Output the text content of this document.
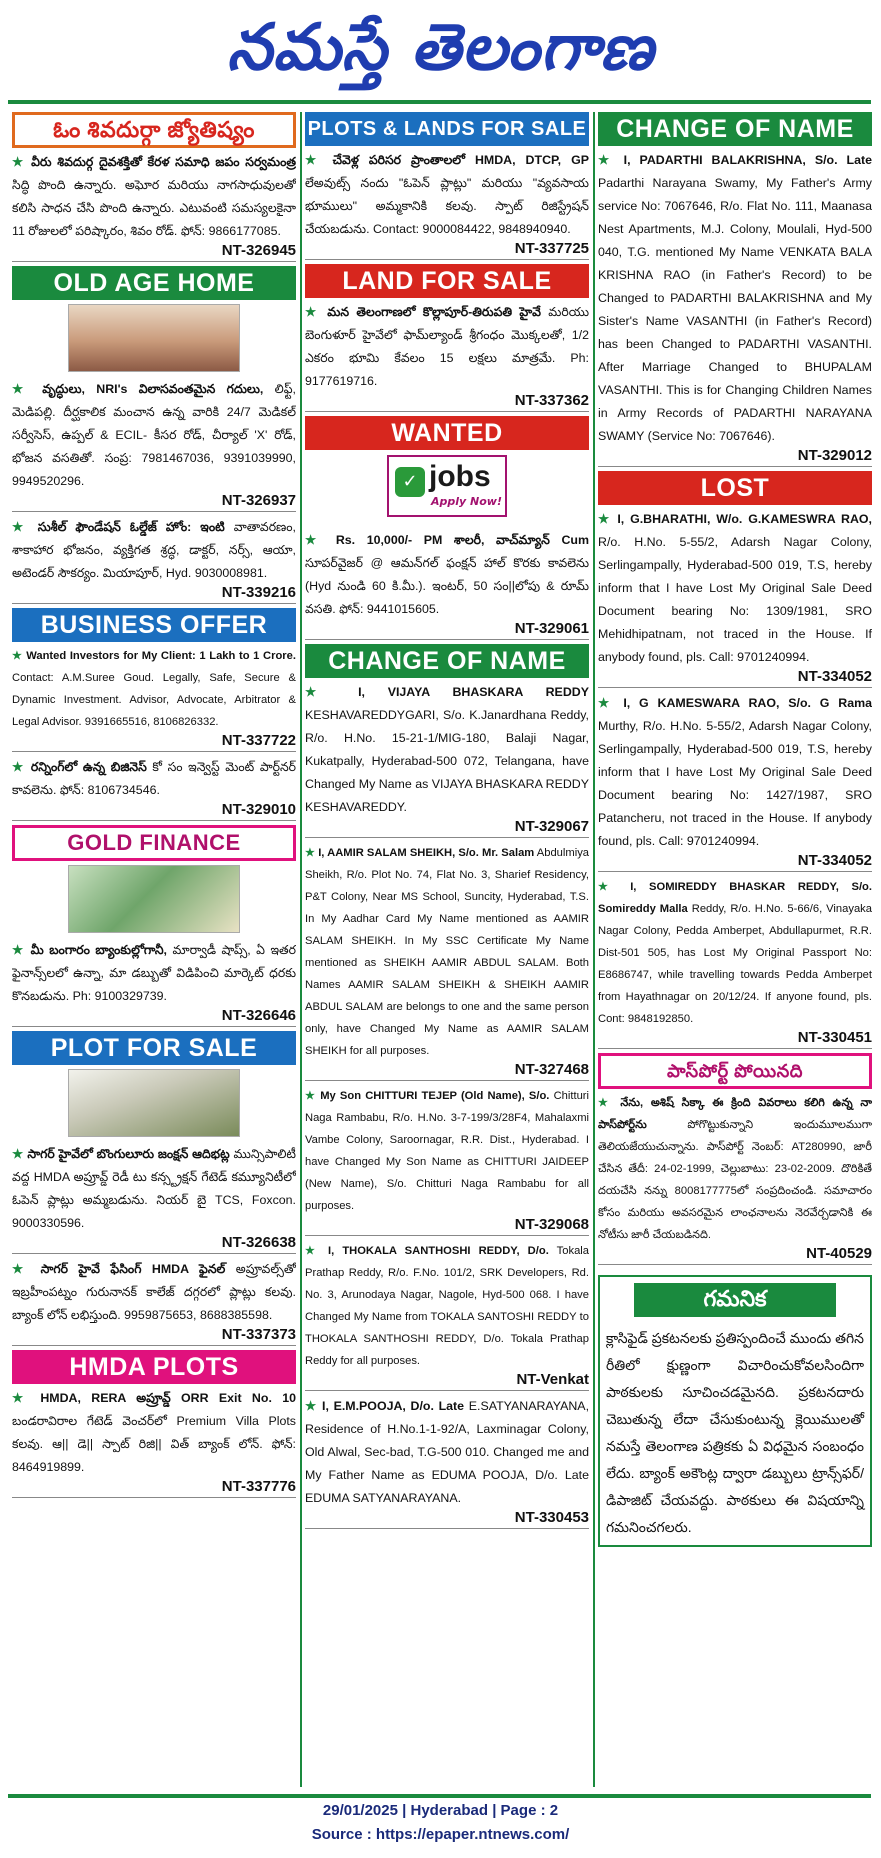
నమస్తే తెలంగాణ
ఓం శివదుర్గా జ్యోతిష్యం
★ వీరు శివదుర్గ దైవశక్తితో కేరళ సమాధి జపం సర్వమంత్ర సిద్ధి పొంది ఉన్నారు. అఘోర మరియు నాగసాధువులతో కలిసి సాధన చేసి పొంది ఉన్నారు. ఎటువంటి సమస్యలకైనా 11 రోజులలో పరిష్కారం, శివం రోడ్. ఫోన్: 9866177085.
NT-326945
OLD AGE HOME
★ వృద్ధులు, NRI's విలాసవంతమైన గదులు, లిఫ్ట్, మెడిపల్లి. దీర్ఘకాలిక మంచాన ఉన్న వారికి 24/7 మెడికల్ సర్వీసెస్, ఉప్పల్ & ECIL- కీసర రోడ్, చీర్యాల్ 'X' రోడ్, భోజన వసతితో. సంప్ర: 7981467036, 9391039990, 9949520296.
NT-326937
★ సుశీల్ ఫౌండేషన్ ఓల్డేజ్ హోం: ఇంటి వాతావరణం, శాకాహార భోజనం, వ్యక్తిగత శ్రద్ధ, డాక్టర్, నర్స్, ఆయా, అటెండర్ సౌకర్యం. మియాపూర్, Hyd. 9030008981.
NT-339216
BUSINESS OFFER
★ Wanted Investors for My Client: 1 Lakh to 1 Crore. Contact: A.M.Suree Goud. Legally, Safe, Secure & Dynamic Investment. Advisor, Advocate, Arbitrator & Legal Advisor. 9391665516, 8106826332.
NT-337722
★ రన్నింగ్‌లో ఉన్న బిజినెస్ కో సం ఇన్వెస్ట్ మెంట్ పార్ట్‌నర్ కావలెను. ఫోన్: 8106734546.
NT-329010
GOLD FINANCE
★ మీ బంగారం బ్యాంకుల్లోగానీ, మార్వాడీ షాప్స్, ఏ ఇతర ఫైనాన్స్‌లలో ఉన్నా, మా డబ్బుతో విడిపించి మార్కెట్ ధరకు కొనబడును. Ph: 9100329739.
NT-326646
PLOT FOR SALE
★ సాగర్ హైవేలో బొంగులూరు జంక్షన్ ఆదిభట్ల మున్సిపాలిటీ వద్ద HMDA అప్రూవ్డ్ రెడీ టు కన్స్ట్రక్షన్ గేటెడ్ కమ్యూనిటీలో ఓపెన్ ప్లాట్లు అమ్మబడును. నియర్ బై TCS, Foxcon. 9000330596.
NT-326638
★ సాగర్ హైవే ఫేసింగ్ HMDA ఫైనల్ అప్రూవల్స్‌తో ఇబ్రహీంపట్నం గురునానక్ కాలేజ్ దగ్గరలో ప్లాట్లు కలవు. బ్యాంక్ లోన్ లభిస్తుంది. 9959875653, 8688385598.
NT-337373
HMDA PLOTS
★ HMDA, RERA అప్రూవ్డ్ ORR Exit No. 10 బండరావిరాల గేటెడ్ వెంచర్‌లో Premium Villa Plots కలవు. ఆ|| డె|| స్పాట్ రిజి|| విత్ బ్యాంక్ లోన్. ఫోన్: 8464919899.
NT-337776
PLOTS & LANDS FOR SALE
★ చేవెళ్ల పరిసర ప్రాంతాలలో HMDA, DTCP, GP లేఅవుట్స్ నందు "ఓపెన్ ప్లాట్లు" మరియు "వ్యవసాయ భూములు" అమ్మకానికి కలవు. స్పాట్ రిజిస్ట్రేషన్ చేయబడును. Contact: 9000084422, 9848940940.
NT-337725
LAND FOR SALE
★ మన తెలంగాణలో కొల్లాపూర్-తిరుపతి హైవే మరియు బెంగుళూర్ హైవేలో ఫామ్‌ల్యాండ్ శ్రీగంధం మొక్కలతో, 1/2 ఎకరం భూమి కేవలం 15 లక్షలు మాత్రమే. Ph: 9177619716.
NT-337362
WANTED
✓ jobs
Apply Now!
★ Rs. 10,000/- PM శాలరీ, వాచ్‌మ్యాన్ Cum సూపర్‌వైజర్ @ ఆమన్‌గల్ ఫంక్షన్ హాల్ కొరకు కావలెను (Hyd నుండి 60 కి.మీ.). ఇంటర్, 50 సం||లోపు & రూమ్ వసతి. ఫోన్: 9441015605.
NT-329061
CHANGE OF NAME
★ I, VIJAYA BHASKARA REDDY KESHAVAREDDYGARI, S/o. K.Janardhana Reddy, R/o. H.No. 15-21-1/MIG-180, Balaji Nagar, Kukatpally, Hyderabad-500 072, Telangana, have Changed My Name as VIJAYA BHASKARA REDDY KESHAVAREDDY.
NT-329067
★ I, AAMIR SALAM SHEIKH, S/o. Mr. Salam Abdulmiya Sheikh, R/o. Plot No. 74, Flat No. 3, Sharief Residency, P&T Colony, Near MS School, Suncity, Hyderabad, T.S. In My Aadhar Card My Name mentioned as AAMIR SALAM SHEIKH. In My SSC Certificate My Name mentioned as SHEIKH AAMIR ABDUL SALAM. Both Names AAMIR SALAM SHEIKH & SHEIKH AAMIR ABDUL SALAM are belongs to one and the same person only, have Changed My Name as AAMIR SALAM SHEIKH for all purposes.
NT-327468
★ My Son CHITTURI TEJEP (Old Name), S/o. Chitturi Naga Rambabu, R/o. H.No. 3-7-199/3/28F4, Mahalaxmi Vambe Colony, Saroornagar, R.R. Dist., Hyderabad. I have Changed My Son Name as CHITTURI JAIDEEP (New Name), S/o. Chitturi Naga Rambabu for all purposes.
NT-329068
★ I, THOKALA SANTHOSHI REDDY, D/o. Tokala Prathap Reddy, R/o. F.No. 101/2, SRK Developers, Rd. No. 3, Arunodaya Nagar, Nagole, Hyd-500 068. I have Changed My Name from TOKALA SANTOSHI REDDY to THOKALA SANTHOSHI REDDY, D/o. Tokala Prathap Reddy for all purposes.
NT-Venkat
★ I, E.M.POOJA, D/o. Late E.SATYANARAYANA, Residence of H.No.1-1-92/A, Laxminagar Colony, Old Alwal, Sec-bad, T.G-500 010. Changed me and My Father Name as EDUMA POOJA, D/o. Late EDUMA SATYANARAYANA.
NT-330453
CHANGE OF NAME
★ I, PADARTHI BALAKRISHNA, S/o. Late Padarthi Narayana Swamy, My Father's Army service No: 7067646, R/o. Flat No. 111, Maanasa Nest Apartments, M.J. Colony, Moulali, Hyd-500 040, T.G. mentioned My Name VENKATA BALA KRISHNA RAO (in Father's Record) to be Changed to PADARTHI BALAKRISHNA and My Sister's Name VASANTHI (in Father's Record) has been Changed to PADARTHI VASANTHI. After Marriage Changed to BHUPALAM VASANTHI. This is for Changing Children Names in Army Records of PADARTHI NARAYANA SWAMY (Service No: 7067646).
NT-329012
LOST
★ I, G.BHARATHI, W/o. G.KAMESWRA RAO, R/o. H.No. 5-55/2, Adarsh Nagar Colony, Serlingampally, Hyderabad-500 019, T.S, hereby inform that I have Lost My Original Sale Deed Document bearing No: 1309/1981, SRO Mehidhipatnam, not traced in the House. If anybody found, pls. Call: 9701240994.
NT-334052
★ I, G KAMESWARA RAO, S/o. G Rama Murthy, R/o. H.No. 5-55/2, Adarsh Nagar Colony, Serlingampally, Hyderabad-500 019, T.S, hereby inform that I have Lost My Original Sale Deed Document bearing No: 1427/1987, SRO Patancheru, not traced in the House. If anybody found, pls. Call: 9701240994.
NT-334052
★ I, SOMIREDDY BHASKAR REDDY, S/o. Somireddy Malla Reddy, R/o. H.No. 5-66/6, Vinayaka Nagar Colony, Pedda Amberpet, Abdullapurmet, R.R. Dist-501 505, has Lost My Original Passport No: E8686747, while travelling towards Pedda Amberpet from Hayathnagar on 20/12/24. If anyone found, pls. Cont: 9848192850.
NT-330451
పాస్‌పోర్ట్ పోయినది
★ నేను, అశిష్ సిక్కా ఈ క్రింది వివరాలు కలిగి ఉన్న నా పాస్‌పోర్ట్‌ను	పోగొట్టుకున్నాని ఇందుమూలముగా తెలియజేయుచున్నాను. పాస్‌పోర్ట్ నెంబర్: AT280990, జారీ చేసిన తేదీ: 24-02-1999, చెల్లుబాటు: 23-02-2009. దొరికితే దయచేసి నన్ను 8008177775లో సంప్రదించండి. సమాచారం కోసం మరియు అవసరమైన లాంఛనాలను నెరవేర్చడానికి ఈ నోటీసు జారీ చేయబడినది.
NT-40529
గమనిక
క్లాసిఫైడ్ ప్రకటనలకు ప్రతిస్పందించే ముందు తగిన రీతిలో క్షుణ్ణంగా విచారించుకోవలసిందిగా పాఠకులకు సూచించడమైనది. ప్రకటనదారు చెబుతున్న లేదా చేసుకుంటున్న క్లెయిములతో నమస్తే తెలంగాణ పత్రికకు ఏ విధమైన సంబంధం లేదు. బ్యాంక్ అకౌంట్ల ద్వారా డబ్బులు ట్రాన్స్‌ఫర్/డిపాజిట్ చేయవద్దు. పాఠకులు ఈ విషయాన్ని గమనించగలరు.
29/01/2025 | Hyderabad | Page : 2
Source : https://epaper.ntnews.com/
